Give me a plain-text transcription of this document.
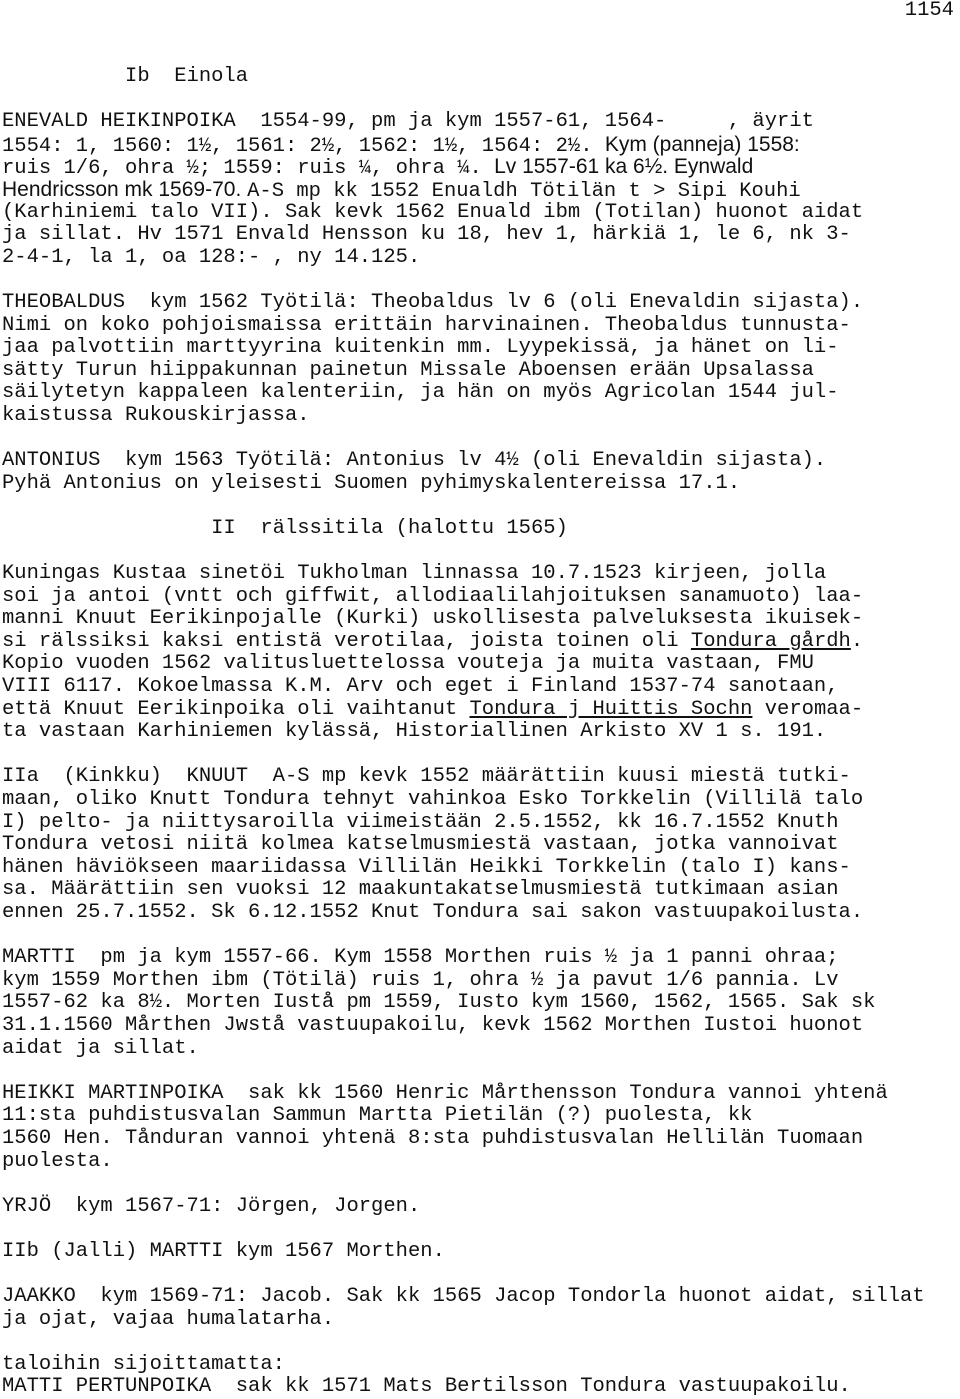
1154
Ib  Einola
ENEVALD HEIKINPOIKA  1554-99, pm ja kym 1557-61, 1564-     , äyrit
1554: 1, 1560: 1½, 1561: 2½, 1562: 1½, 1564: 2½. Kym (panneja) 1558:
ruis 1/6, ohra ½; 1559: ruis ¼, ohra ¼. Lv 1557-61 ka 6½. Eynwald
Hendricsson mk 1569-70. A-S mp kk 1552 Enualdh Tötilän t > Sipi Kouhi
(Karhiniemi talo VII). Sak kevk 1562 Enuald ibm (Totilan) huonot aidat
ja sillat. Hv 1571 Envald Hensson ku 18, hev 1, härkiä 1, le 6, nk 3-
2-4-1, la 1, oa 128:- , ny 14.125.
THEOBALDUS  kym 1562 Työtilä: Theobaldus lv 6 (oli Enevaldin sijasta).
Nimi on koko pohjoismaissa erittäin harvinainen. Theobaldus tunnusta-
jaa palvottiin marttyyrina kuitenkin mm. Lyypekissä, ja hänet on li-
sätty Turun hiippakunnan painetun Missale Aboensen erään Upsalassa
säilytetyn kappaleen kalenteriin, ja hän on myös Agricolan 1544 jul-
kaistussa Rukouskirjassa.
ANTONIUS  kym 1563 Työtilä: Antonius lv 4½ (oli Enevaldin sijasta).
Pyhä Antonius on yleisesti Suomen pyhimyskalentereissa 17.1.
II  rälssitila (halottu 1565)
Kuningas Kustaa sinetöi Tukholman linnassa 10.7.1523 kirjeen, jolla
soi ja antoi (vntt och giffwit, allodiaalilahjoituksen sanamuoto) laa-
manni Knuut Eerikinpojalle (Kurki) uskollisesta palveluksesta ikuisek-
si rälssiksi kaksi entistä verotilaa, joista toinen oli Tondura gårdh.
Kopio vuoden 1562 valitusluettelossa vouteja ja muita vastaan, FMU
VIII 6117. Kokoelmassa K.M. Arv och eget i Finland 1537-74 sanotaan,
että Knuut Eerikinpoika oli vaihtanut Tondura j Huittis Sochn veromaa-
ta vastaan Karhiniemen kylässä, Historiallinen Arkisto XV 1 s. 191.
IIa  (Kinkku)  KNUUT  A-S mp kevk 1552 määrättiin kuusi miestä tutki-
maan, oliko Knutt Tondura tehnyt vahinkoa Esko Torkkelin (Villilä talo
I) pelto- ja niittysaroilla viimeistään 2.5.1552, kk 16.7.1552 Knuth
Tondura vetosi niitä kolmea katselmusmiestä vastaan, jotka vannoivat
hänen häviökseen maariidassa Villilän Heikki Torkkelin (talo I) kans-
sa. Määrättiin sen vuoksi 12 maakuntakatselmusmiestä tutkimaan asian
ennen 25.7.1552. Sk 6.12.1552 Knut Tondura sai sakon vastuupakoilusta.
MARTTI  pm ja kym 1557-66. Kym 1558 Morthen ruis ½ ja 1 panni ohraa;
kym 1559 Morthen ibm (Tötilä) ruis 1, ohra ½ ja pavut 1/6 pannia. Lv
1557-62 ka 8½. Morten Iustå pm 1559, Iusto kym 1560, 1562, 1565. Sak sk
31.1.1560 Mårthen Jwstå vastuupakoilu, kevk 1562 Morthen Iustoi huonot
aidat ja sillat.
HEIKKI MARTINPOIKA  sak kk 1560 Henric Mårthensson Tondura vannoi yhtenä
11:sta puhdistusvalan Sammun Martta Pietilän (?) puolesta, kk
1560 Hen. Tånduran vannoi yhtenä 8:sta puhdistusvalan Hellilän Tuomaan
puolesta.
YRJÖ  kym 1567-71: Jörgen, Jorgen.
IIb (Jalli) MARTTI kym 1567 Morthen.
JAAKKO  kym 1569-71: Jacob. Sak kk 1565 Jacop Tondorla huonot aidat, sillat
ja ojat, vajaa humalatarha.
taloihin sijoittamatta:
MATTI PERTUNPOIKA  sak kk 1571 Mats Bertilsson Tondura vastuupakoilu.
